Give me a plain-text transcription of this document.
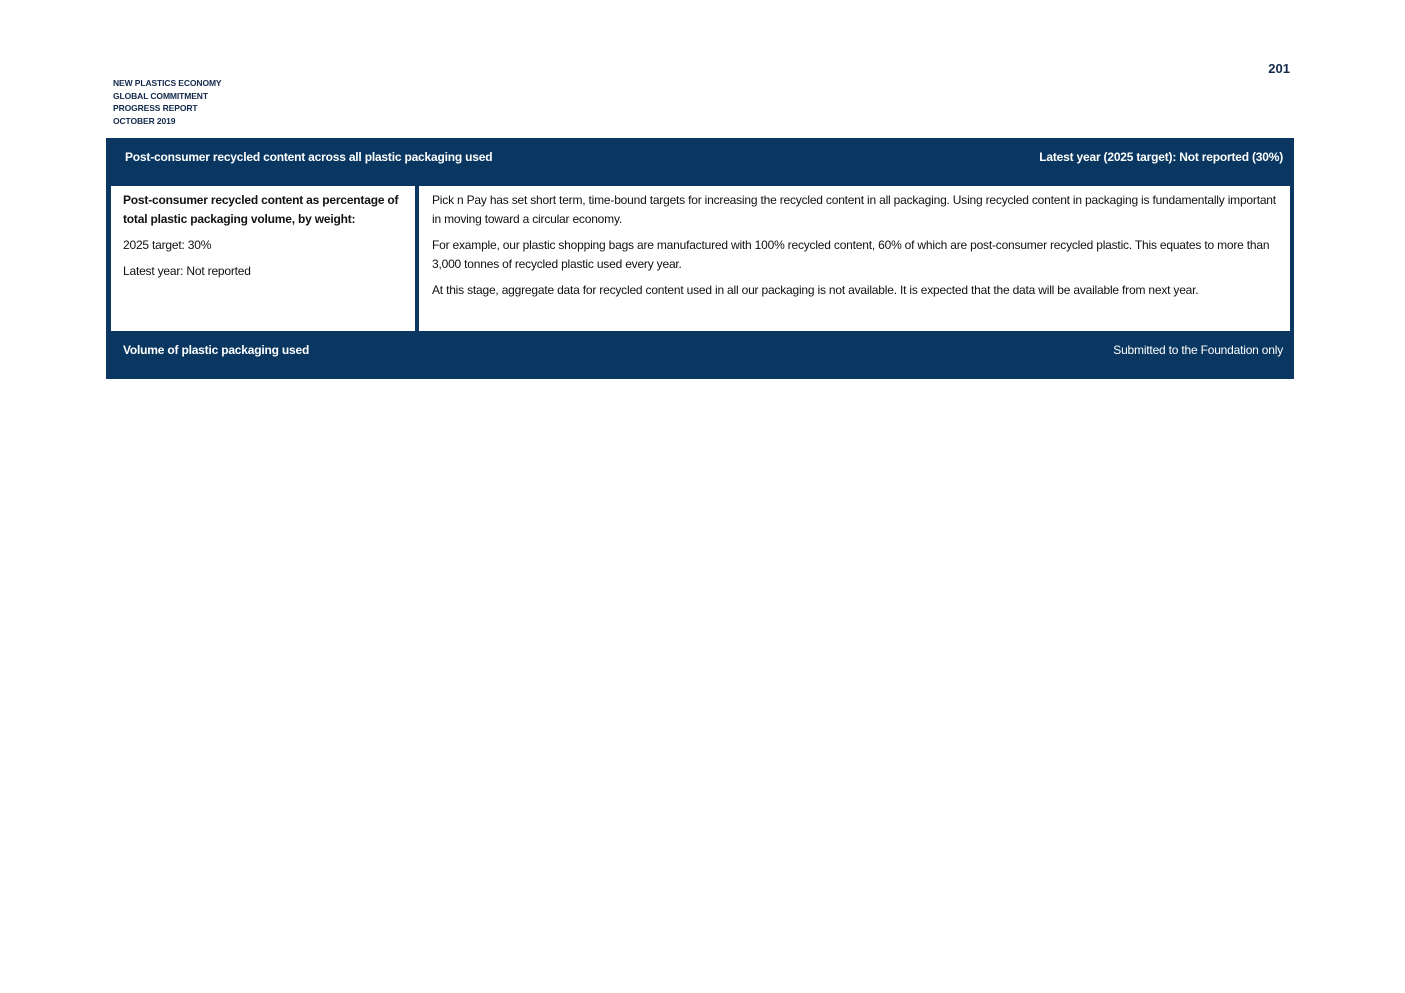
NEW PLASTICS ECONOMY
GLOBAL COMMITMENT
PROGRESS REPORT
OCTOBER 2019
201
Post-consumer recycled content across all plastic packaging used	Latest year (2025 target): Not reported (30%)

Post-consumer recycled content as percentage of total plastic packaging volume, by weight:

2025 target: 30%

Latest year: Not reported

Pick n Pay has set short term, time-bound targets for increasing the recycled content in all packaging. Using recycled content in packaging is fundamentally important in moving toward a circular economy.

For example, our plastic shopping bags are manufactured with 100% recycled content, 60% of which are post-consumer recycled plastic. This equates to more than 3,000 tonnes of recycled plastic used every year.

At this stage, aggregate data for recycled content used in all our packaging is not available. It is expected that the data will be available from next year.

Volume of plastic packaging used	Submitted to the Foundation only
